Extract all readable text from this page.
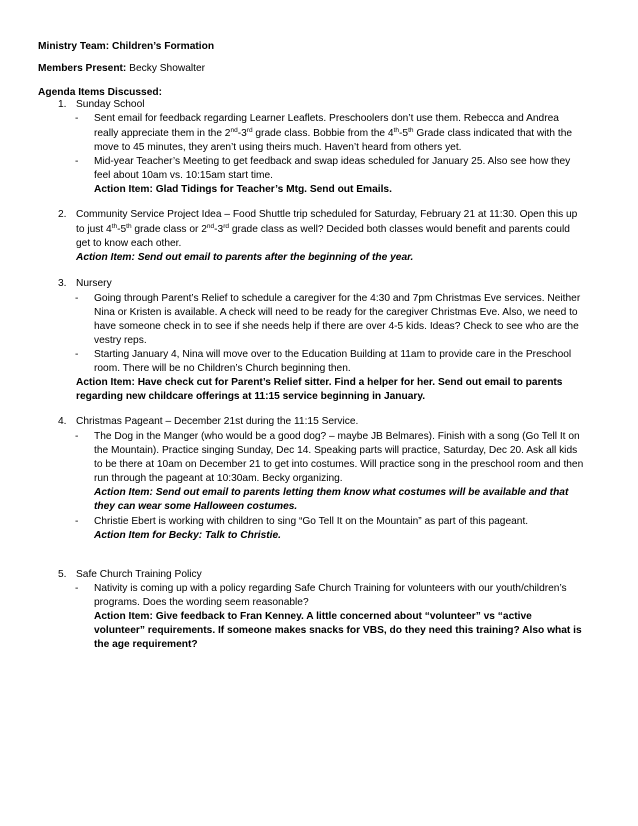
Ministry Team: Children’s Formation
Members Present: Becky Showalter
Agenda Items Discussed:
1. Sunday School
- Sent email for feedback regarding Learner Leaflets. Preschoolers don’t use them. Rebecca and Andrea
really appreciate them in the 2nd-3rd grade class. Bobbie from the 4th-5th Grade class indicated that with the
move to 45 minutes, they aren’t using theirs much. Haven’t heard from others yet.
- Mid-year Teacher’s Meeting to get feedback and swap ideas scheduled for January 25. Also see how they
feel about 10am vs. 10:15am start time.
Action Item: Glad Tidings for Teacher’s Mtg. Send out Emails.
2. Community Service Project Idea – Food Shuttle trip scheduled for Saturday, February 21 at 11:30. Open this up
to just 4th-5th grade class or 2nd-3rd grade class as well? Decided both classes would benefit and parents could
get to know each other.
Action Item: Send out email to parents after the beginning of the year.
3. Nursery
- Going through Parent’s Relief to schedule a caregiver for the 4:30 and 7pm Christmas Eve services. Neither
Nina or Kristen is available. A check will need to be ready for the caregiver Christmas Eve. Also, we need to
have someone check in to see if she needs help if there are over 4-5 kids. Ideas? Check to see who are the
vestry reps.
- Starting January 4, Nina will move over to the Education Building at 11am to provide care in the Preschool
room. There will be no Children’s Church beginning then.
Action Item: Have check cut for Parent’s Relief sitter. Find a helper for her. Send out email to parents
regarding new childcare offerings at 11:15 service beginning in January.
4. Christmas Pageant – December 21st during the 11:15 Service.
- The Dog in the Manger (who would be a good dog? – maybe JB Belmares). Finish with a song (Go Tell It on
the Mountain). Practice singing Sunday, Dec 14. Speaking parts will practice, Saturday, Dec 20. Ask all kids
to be there at 10am on December 21 to get into costumes. Will practice song in the preschool room and then
run through the pageant at 10:30am. Becky organizing.
Action Item: Send out email to parents letting them know what costumes will be available and that
they can wear some Halloween costumes.
- Christie Ebert is working with children to sing “Go Tell It on the Mountain” as part of this pageant.
Action Item for Becky: Talk to Christie.
5. Safe Church Training Policy
- Nativity is coming up with a policy regarding Safe Church Training for volunteers with our youth/children’s
programs. Does the wording seem reasonable?
Action Item: Give feedback to Fran Kenney. A little concerned about “volunteer” vs “active
volunteer” requirements. If someone makes snacks for VBS, do they need this training? Also what is
the age requirement?
